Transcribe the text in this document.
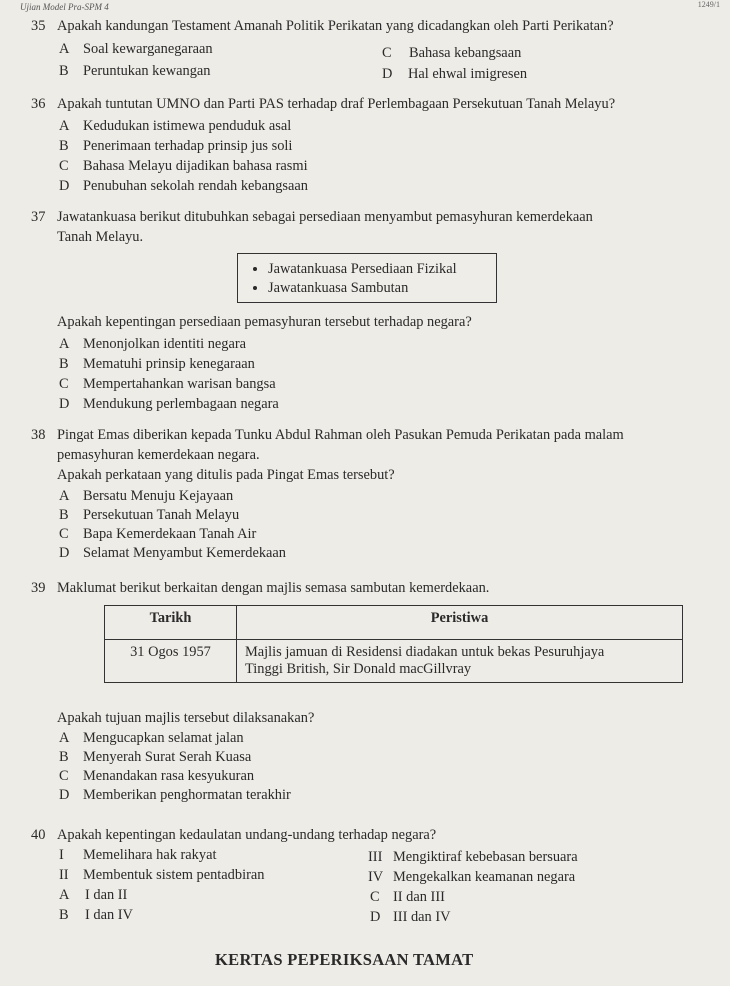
Ujian Model Pra-SPM 4	1249/1
35 Apakah kandungan Testament Amanah Politik Perikatan yang dicadangkan oleh Parti Perikatan?
A Soal kewarganegaraan
B Peruntukan kewangan
C Bahasa kebangsaan
D Hal ehwal imigresen
36 Apakah tuntutan UMNO dan Parti PAS terhadap draf Perlembagaan Persekutuan Tanah Melayu?
A Kedudukan istimewa penduduk asal
B Penerimaan terhadap prinsip jus soli
C Bahasa Melayu dijadikan bahasa rasmi
D Penubuhan sekolah rendah kebangsaan
37 Jawatankuasa berikut ditubuhkan sebagai persediaan menyambut pemasyhuran kemerdekaan
Tanah Melayu.
• Jawatankuasa Persediaan Fizikal
• Jawatankuasa Sambutan
Apakah kepentingan persediaan pemasyhuran tersebut terhadap negara?
A Menonjolkan identiti negara
B Mematuhi prinsip kenegaraan
C Mempertahankan warisan bangsa
D Mendukung perlembagaan negara
38 Pingat Emas diberikan kepada Tunku Abdul Rahman oleh Pasukan Pemuda Perikatan pada malam
pemasyhuran kemerdekaan negara.
Apakah perkataan yang ditulis pada Pingat Emas tersebut?
A Bersatu Menuju Kejayaan
B Persekutuan Tanah Melayu
C Bapa Kemerdekaan Tanah Air
D Selamat Menyambut Kemerdekaan
39 Maklumat berikut berkaitan dengan majlis semasa sambutan kemerdekaan.
Tarikh	Peristiwa
31 Ogos 1957	Majlis jamuan di Residensi diadakan untuk bekas Pesuruhjaya
Tinggi British, Sir Donald macGillvray
Apakah tujuan majlis tersebut dilaksanakan?
A Mengucapkan selamat jalan
B Menyerah Surat Serah Kuasa
C Menandakan rasa kesyukuran
D Memberikan penghormatan terakhir
40 Apakah kepentingan kedaulatan undang-undang terhadap negara?
I Memelihara hak rakyat
II Membentuk sistem pentadbiran
III Mengiktiraf kebebasan bersuara
IV Mengekalkan keamanan negara
A I dan II
B I dan IV
C II dan III
D III dan IV
KERTAS PEPERIKSAAN TAMAT
